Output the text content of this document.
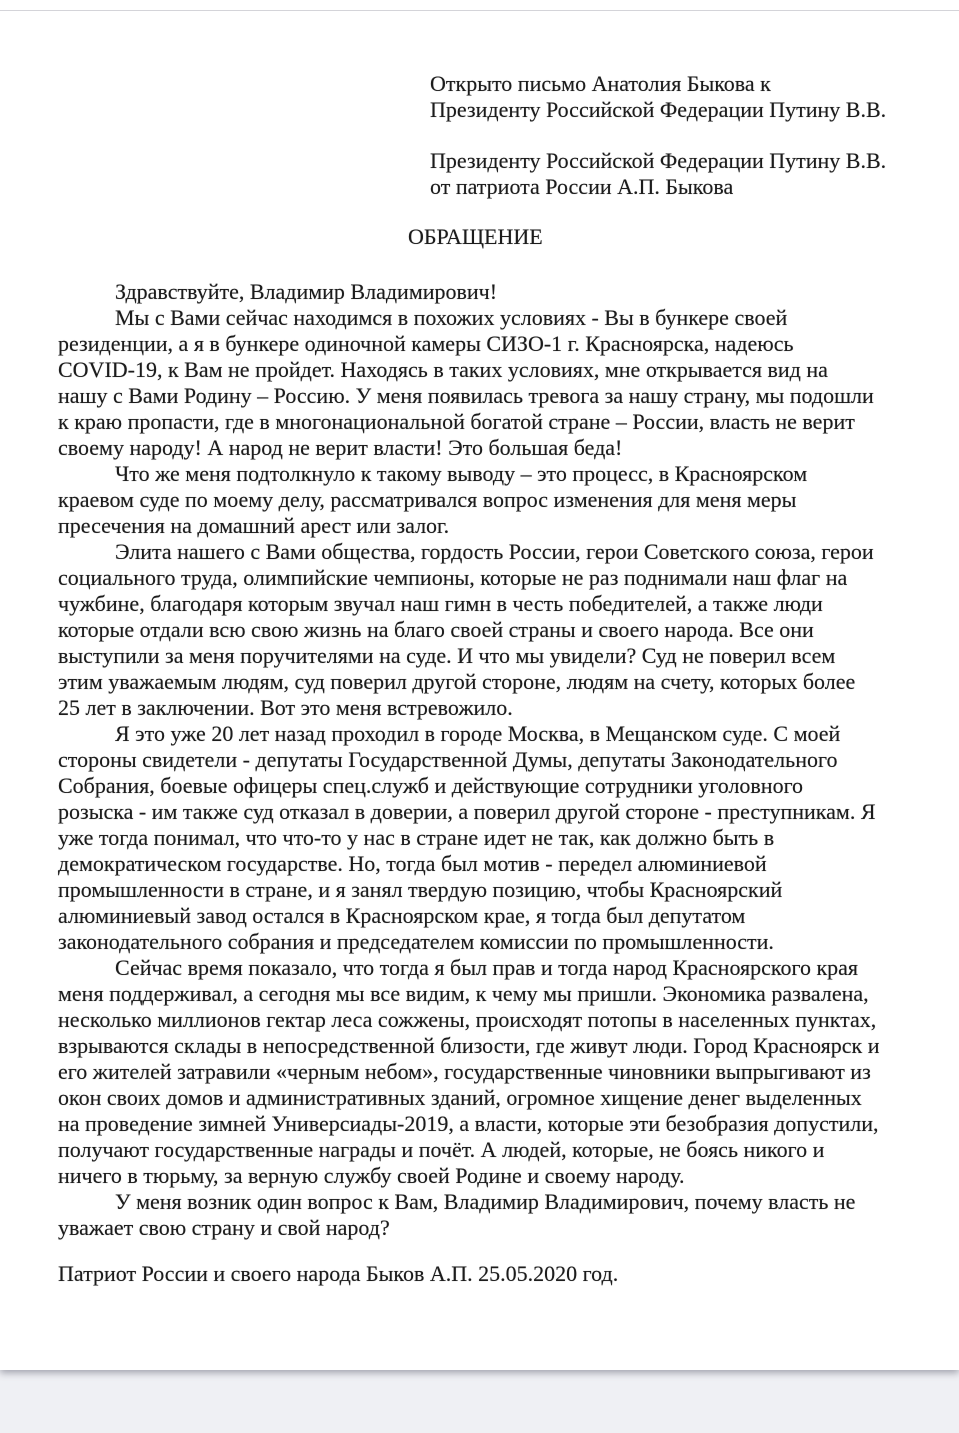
Открыто письмо Анатолия Быкова к
Президенту Российской Федерации Путину В.В.
Президенту Российской Федерации Путину В.В.
от патриота России А.П. Быкова
ОБРАЩЕНИЕ
Здравствуйте, Владимир Владимирович!
Мы с Вами сейчас находимся в похожих условиях - Вы в бункере своей
резиденции, а я в бункере одиночной камеры СИЗО-1 г. Красноярска, надеюсь
COVID-19, к Вам не пройдет. Находясь в таких условиях, мне открывается вид на
нашу с Вами Родину – Россию. У меня появилась тревога за нашу страну, мы подошли
к краю пропасти, где в многонациональной богатой стране – России, власть не верит
своему народу! А народ не верит власти! Это большая беда!
Что же меня подтолкнуло к такому выводу – это процесс, в Красноярском
краевом суде по моему делу, рассматривался вопрос изменения для меня меры
пресечения на домашний арест или залог.
Элита нашего с Вами общества, гордость России, герои Советского союза, герои
социального труда, олимпийские чемпионы, которые не раз поднимали наш флаг на
чужбине, благодаря которым звучал наш гимн в честь победителей, а также люди
которые отдали всю свою жизнь на благо своей страны и своего народа. Все они
выступили за меня поручителями на суде. И что мы увидели? Суд не поверил всем
этим уважаемым людям, суд поверил другой стороне, людям на счету, которых более
25 лет в заключении. Вот это меня встревожило.
Я это уже 20 лет назад проходил в городе Москва, в Мещанском суде. С моей
стороны свидетели - депутаты Государственной Думы, депутаты Законодательного
Собрания, боевые офицеры спец.служб и действующие сотрудники уголовного
розыска - им также суд отказал в доверии, а поверил другой стороне - преступникам. Я
уже тогда понимал, что что-то у нас в стране идет не так, как должно быть в
демократическом государстве. Но, тогда был мотив - передел алюминиевой
промышленности в стране, и я занял твердую позицию, чтобы Красноярский
алюминиевый завод остался в Красноярском крае, я тогда был депутатом
законодательного собрания и председателем комиссии по промышленности.
Сейчас время показало, что тогда я был прав и тогда народ Красноярского края
меня поддерживал, а сегодня мы все видим, к чему мы пришли. Экономика развалена,
несколько миллионов гектар леса сожжены, происходят потопы в населенных пунктах,
взрываются склады в непосредственной близости, где живут люди. Город Красноярск и
его жителей затравили «черным небом», государственные чиновники выпрыгивают из
окон своих домов и административных зданий, огромное хищение денег выделенных
на проведение зимней Универсиады-2019, а власти, которые эти безобразия допустили,
получают государственные награды и почёт. А людей, которые, не боясь никого и
ничего в тюрьму, за верную службу своей Родине и своему народу.
У меня возник один вопрос к Вам, Владимир Владимирович, почему власть не
уважает свою страну и свой народ?
Патриот России и своего народа Быков А.П. 25.05.2020 год.
